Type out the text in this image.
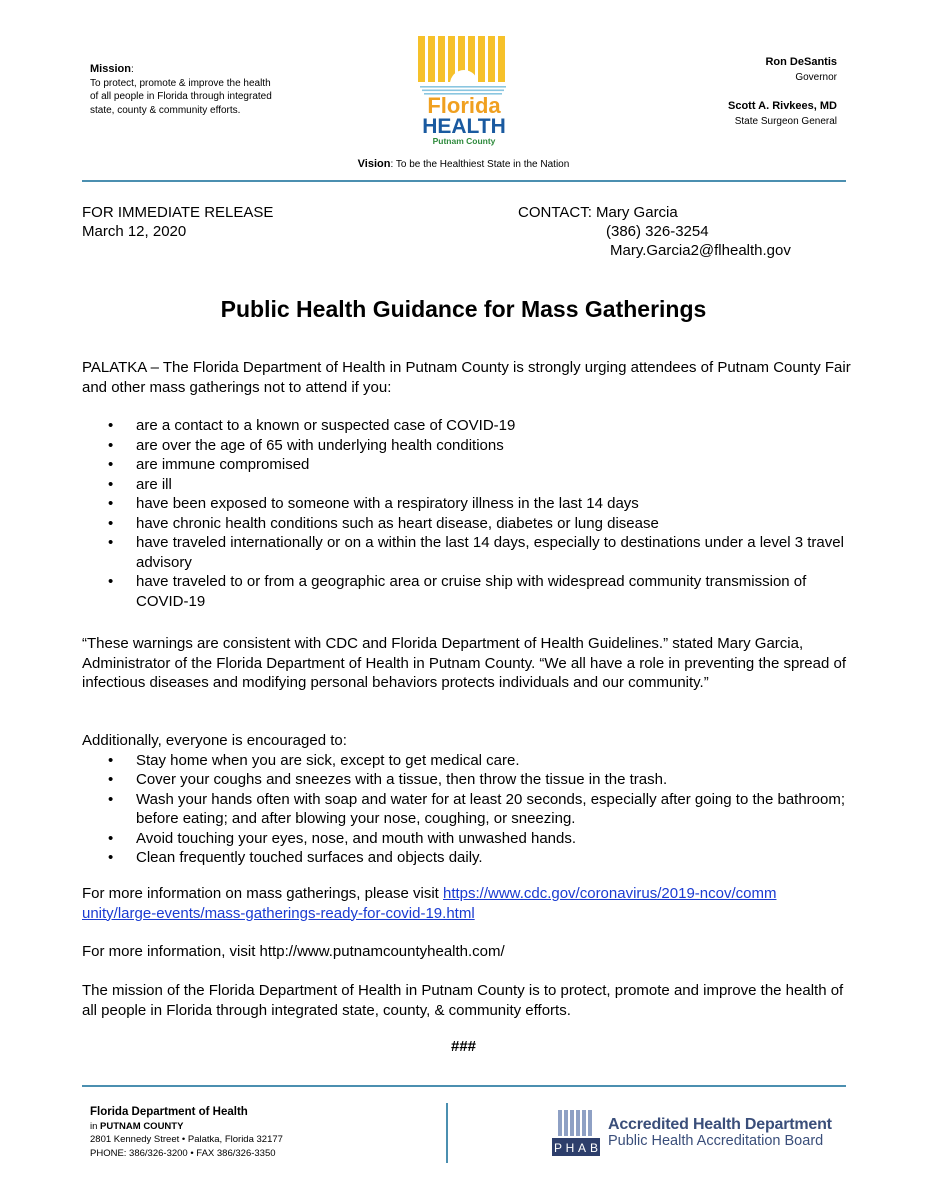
Mission:
To protect, promote & improve the health
of all people in Florida through integrated
state, county & community efforts.	Florida
HEALTH
Putnam County
Ron DeSantis
Governor
Scott A. Rivkees, MD
State Surgeon General
Vision: To be the Healthiest State in the Nation
FOR IMMEDIATE RELEASE
March 12, 2020
CONTACT: Mary Garcia
(386) 326-3254
Mary.Garcia2@flhealth.gov
Public Health Guidance for Mass Gatherings

PALATKA – The Florida Department of Health in Putnam County is strongly urging attendees of Putnam County Fair and other mass gatherings not to attend if you:

• are a contact to a known or suspected case of COVID-19
• are over the age of 65 with underlying health conditions
• are immune compromised
• are ill
• have been exposed to someone with a respiratory illness in the last 14 days
• have chronic health conditions such as heart disease, diabetes or lung disease
• have traveled internationally or on a within the last 14 days, especially to destinations under a level 3 travel advisory
• have traveled to or from a geographic area or cruise ship with widespread community transmission of COVID-19

“These warnings are consistent with CDC and Florida Department of Health Guidelines.” stated Mary Garcia, Administrator of the Florida Department of Health in Putnam County. “We all have a role in preventing the spread of infectious diseases and modifying personal behaviors protects individuals and our community.”

Additionally, everyone is encouraged to:

• Stay home when you are sick, except to get medical care.
• Cover your coughs and sneezes with a tissue, then throw the tissue in the trash.
• Wash your hands often with soap and water for at least 20 seconds, especially after going to the bathroom; before eating; and after blowing your nose, coughing, or sneezing.
• Avoid touching your eyes, nose, and mouth with unwashed hands.
• Clean frequently touched surfaces and objects daily.

For more information on mass gatherings, please visit https://www.cdc.gov/coronavirus/2019-ncov/community/large-events/mass-gatherings-ready-for-covid-19.html

For more information, visit http://www.putnamcountyhealth.com/

The mission of the Florida Department of Health in Putnam County is to protect, promote and improve the health of all people in Florida through integrated state, county, & community efforts.

###
Florida Department of Health
in PUTNAM COUNTY
2801 Kennedy Street • Palatka, Florida 32177
PHONE: 386/326-3200 • FAX 386/326-3350	P H A B
Accredited Health Department
Public Health Accreditation Board
